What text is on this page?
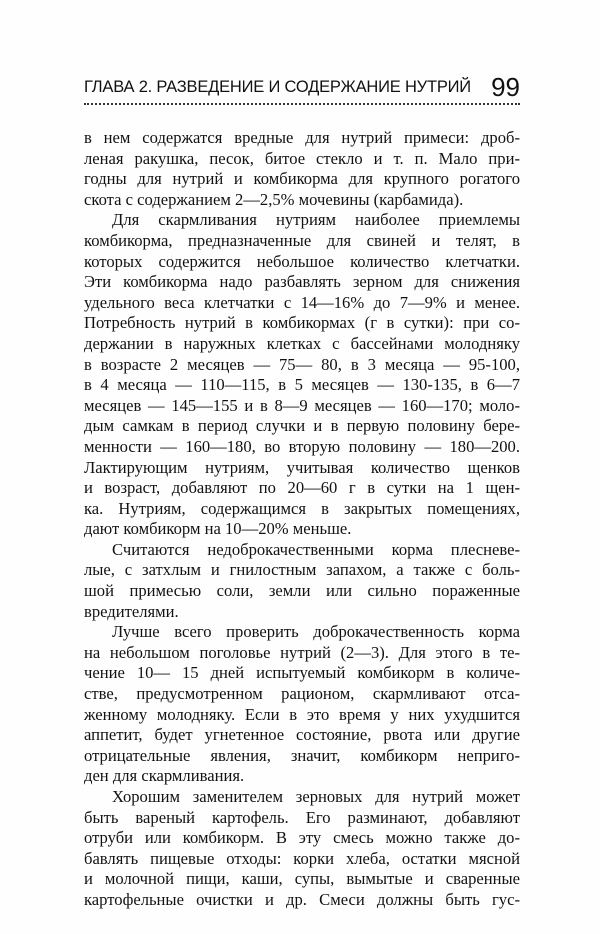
ГЛАВА 2. РАЗВЕДЕНИЕ И СОДЕРЖАНИЕ НУТРИЙ 99

в нем содержатся вредные для нутрий примеси: дроб-
леная ракушка, песок, битое стекло и т. п. Мало при-
годны для нутрий и комбикорма для крупного рогатого
скота с содержанием 2—2,5% мочевины (карбамида).

Для скармливания нутриям наиболее приемлемы
комбикорма, предназначенные для свиней и телят, в
которых содержится небольшое количество клетчатки.
Эти комбикорма надо разбавлять зерном для снижения
удельного веса клетчатки с 14—16% до 7—9% и менее.
Потребность нутрий в комбикормах (г в сутки): при со-
держании в наружных клетках с бассейнами молодняку
в возрасте 2 месяцев — 75— 80, в 3 месяца — 95-100,
в 4 месяца — 110—115, в 5 месяцев — 130-135, в 6—7
месяцев — 145—155 и в 8—9 месяцев — 160—170; моло-
дым самкам в период случки и в первую половину бере-
менности — 160—180, во вторую половину — 180—200.
Лактирующим нутриям, учитывая количество щенков
и возраст, добавляют по 20—60 г в сутки на 1 щен-
ка. Нутриям, содержащимся в закрытых помещениях,
дают комбикорм на 10—20% меньше.

Считаются недоброкачественными корма плесневе-
лые, с затхлым и гнилостным запахом, а также с боль-
шой примесью соли, земли или сильно пораженные
вредителями.

Лучше всего проверить доброкачественность корма
на небольшом поголовье нутрий (2—3). Для этого в те-
чение 10— 15 дней испытуемый комбикорм в количе-
стве, предусмотренном рационом, скармливают отса-
женному молодняку. Если в это время у них ухудшится
аппетит, будет угнетенное состояние, рвота или другие
отрицательные явления, значит, комбикорм неприго-
ден для скармливания.

Хорошим заменителем зерновых для нутрий может
быть вареный картофель. Его разминают, добавляют
отруби или комбикорм. В эту смесь можно также до-
бавлять пищевые отходы: корки хлеба, остатки мясной
и молочной пищи, каши, супы, вымытые и сваренные
картофельные очистки и др. Смеси должны быть гус-
